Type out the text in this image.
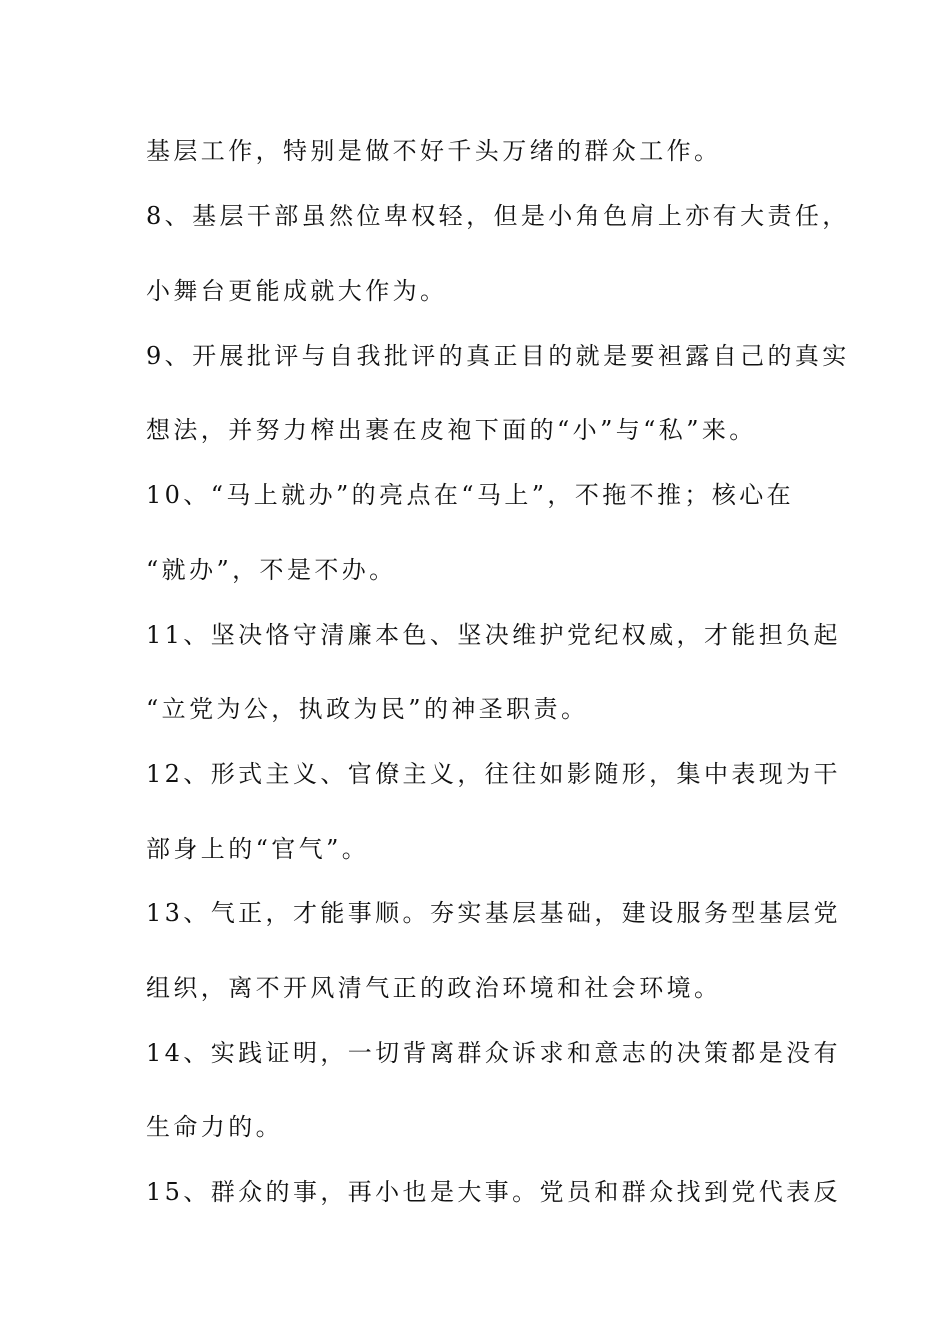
基层工作，特别是做不好千头万绪的群众工作。
8、基层干部虽然位卑权轻，但是小角色肩上亦有大责任，
小舞台更能成就大作为。
9、开展批评与自我批评的真正目的就是要袒露自己的真实
想法，并努力榨出裹在皮袍下面的“小”与“私”来。
10、“马上就办”的亮点在“马上”，不拖不推；核心在
“就办”，不是不办。
11、坚决恪守清廉本色、坚决维护党纪权威，才能担负起
“立党为公，执政为民”的神圣职责。
12、形式主义、官僚主义，往往如影随形，集中表现为干
部身上的“官气”。
13、气正，才能事顺。夯实基层基础，建设服务型基层党
组织，离不开风清气正的政治环境和社会环境。
14、实践证明，一切背离群众诉求和意志的决策都是没有
生命力的。
15、群众的事，再小也是大事。党员和群众找到党代表反
